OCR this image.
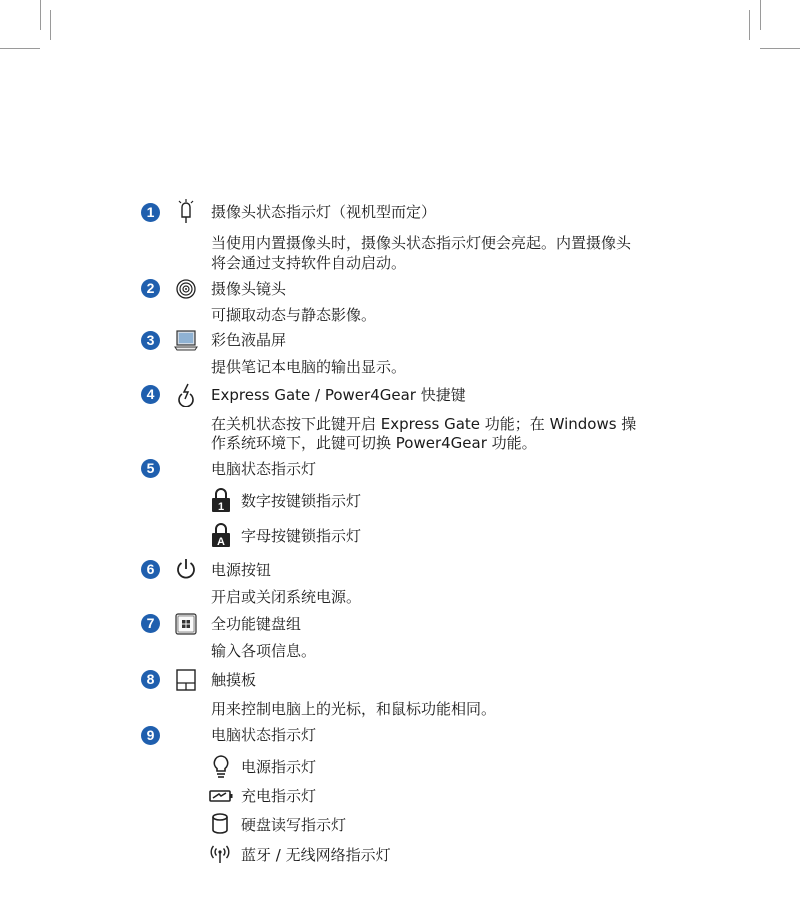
1	摄像头状态指示灯（视机型而定）
当使用内置摄像头时，摄像头状态指示灯便会亮起。内置摄像头
将会通过支持软件自动启动。
2	摄像头镜头
可撷取动态与静态影像。
3	彩色液晶屏
提供笔记本电脑的输出显示。
4	Express Gate / Power4Gear 快捷键
在关机状态按下此键开启 Express Gate 功能；在 Windows 操
作系统环境下，此键可切换 Power4Gear 功能。
5	电脑状态指示灯
1 数字按键锁指示灯
A 字母按键锁指示灯
6	电源按钮
开启或关闭系统电源。
7	全功能键盘组
输入各项信息。
8	触摸板
用来控制电脑上的光标，和鼠标功能相同。
9	电脑状态指示灯
电源指示灯
充电指示灯
硬盘读写指示灯
蓝牙 / 无线网络指示灯
